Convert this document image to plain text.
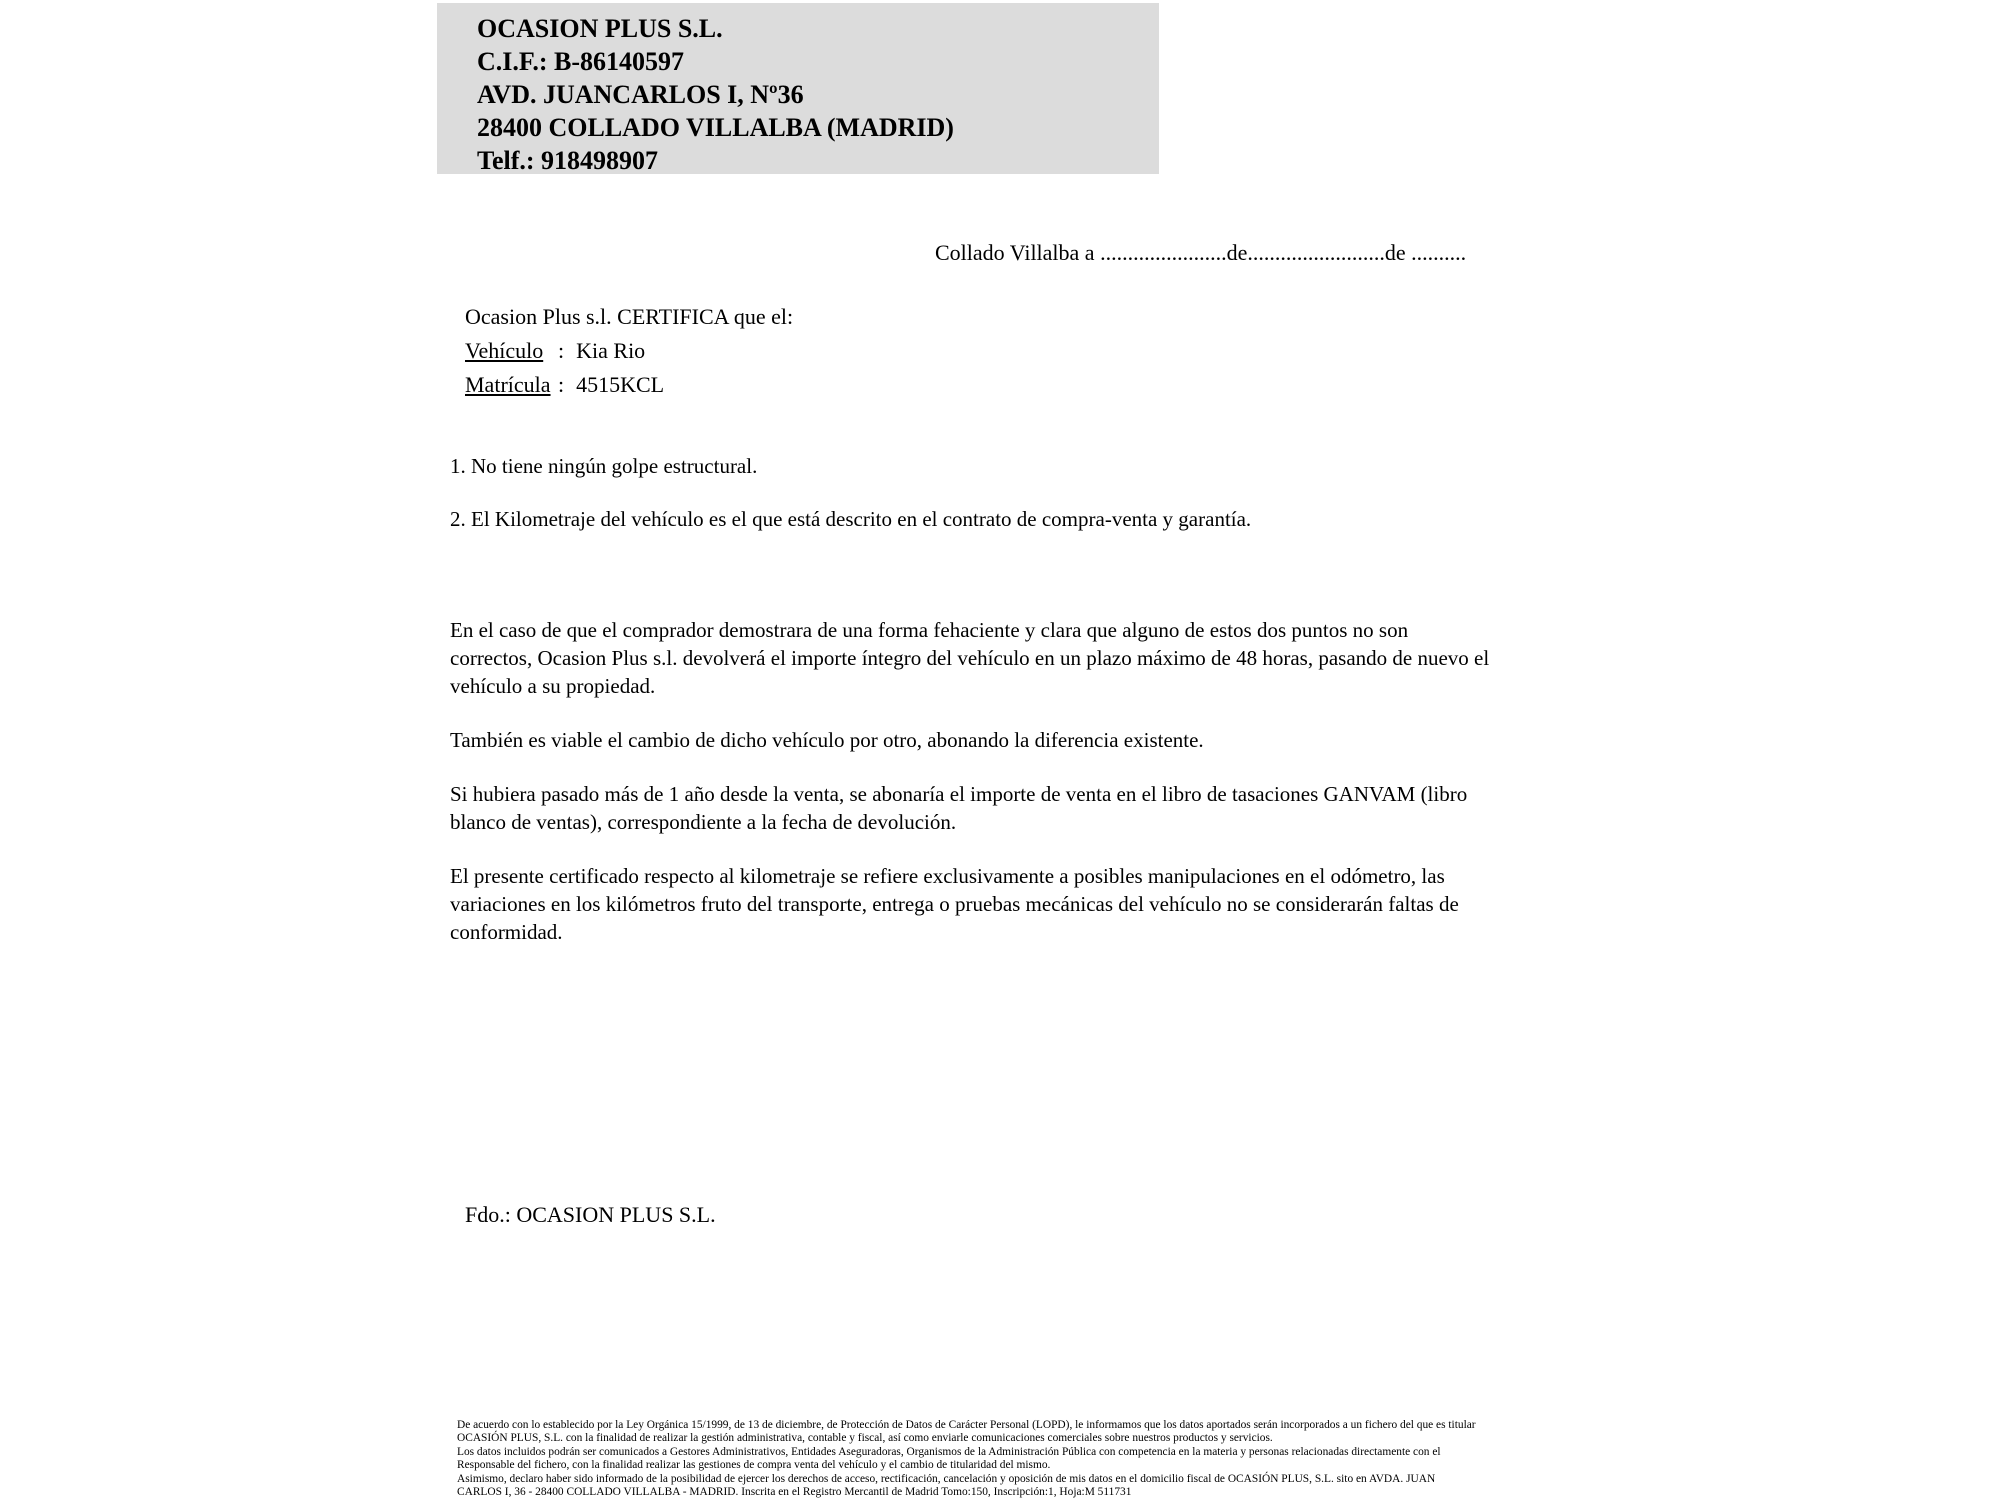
OCASION PLUS S.L.
C.I.F.: B-86140597
AVD. JUANCARLOS I, Nº36
28400 COLLADO VILLALBA (MADRID)
Telf.: 918498907
Collado Villalba a .......................de.........................de ..........
Ocasion Plus s.l. CERTIFICA que el:
Vehículo : Kia Rio
Matrícula : 4515KCL

1. No tiene ningún golpe estructural.

2. El Kilometraje del vehículo es el que está descrito en el contrato de compra-venta y garantía.

En el caso de que el comprador demostrara de una forma fehaciente y clara que alguno de estos dos puntos no son correctos, Ocasion Plus s.l. devolverá el importe íntegro del vehículo en un plazo máximo de 48 horas, pasando de nuevo el vehículo a su propiedad.

También es viable el cambio de dicho vehículo por otro, abonando la diferencia existente.

Si hubiera pasado más de 1 año desde la venta, se abonaría el importe de venta en el libro de tasaciones GANVAM (libro blanco de ventas), correspondiente a la fecha de devolución.

El presente certificado respecto al kilometraje se refiere exclusivamente a posibles manipulaciones en el odómetro, las variaciones en los kilómetros fruto del transporte, entrega o pruebas mecánicas del vehículo no se considerarán faltas de conformidad.

Fdo.: OCASION PLUS S.L.
De acuerdo con lo establecido por la Ley Orgánica 15/1999, de 13 de diciembre, de Protección de Datos de Carácter Personal (LOPD), le informamos que los datos aportados serán incorporados a un fichero del que es titular
OCASIÓN PLUS, S.L. con la finalidad de realizar la gestión administrativa, contable y fiscal, así como enviarle comunicaciones comerciales sobre nuestros productos y servicios.
Los datos incluidos podrán ser comunicados a Gestores Administrativos, Entidades Aseguradoras, Organismos de la Administración Pública con competencia en la materia y personas relacionadas directamente con el
Responsable del fichero, con la finalidad realizar las gestiones de compra venta del vehículo y el cambio de titularidad del mismo.
Asimismo, declaro haber sido informado de la posibilidad de ejercer los derechos de acceso, rectificación, cancelación y oposición de mis datos en el domicilio fiscal de OCASIÓN PLUS, S.L. sito en AVDA. JUAN
CARLOS I, 36 - 28400 COLLADO VILLALBA - MADRID. Inscrita en el Registro Mercantil de Madrid Tomo:150, Inscripción:1, Hoja:M 511731
